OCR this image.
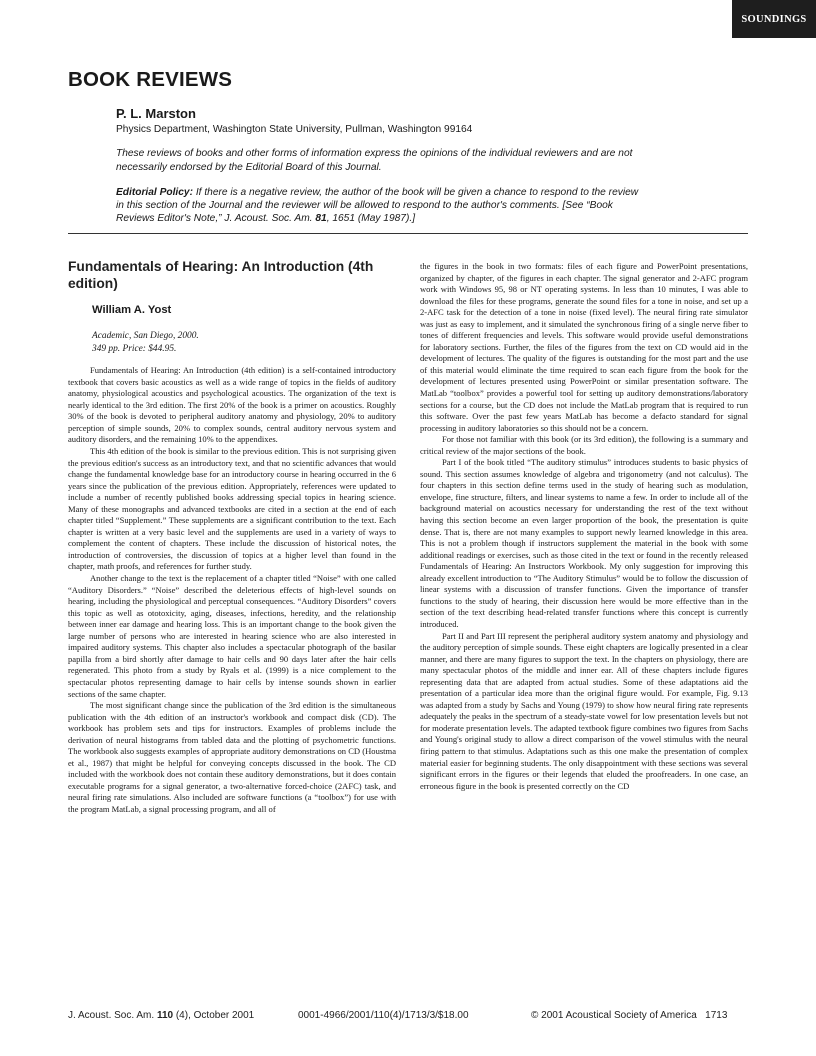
SOUNDINGS
BOOK REVIEWS
P. L. Marston
Physics Department, Washington State University, Pullman, Washington 99164
These reviews of books and other forms of information express the opinions of the individual reviewers and are not necessarily endorsed by the Editorial Board of this Journal.
Editorial Policy: If there is a negative review, the author of the book will be given a chance to respond to the review in this section of the Journal and the reviewer will be allowed to respond to the author's comments. [See “Book Reviews Editor's Note,” J. Acoust. Soc. Am. 81, 1651 (May 1987).]
Fundamentals of Hearing: An Introduction (4th edition)
William A. Yost
Academic, San Diego, 2000.
349 pp. Price: $44.95.

Fundamentals of Hearing: An Introduction (4th edition) is a self-contained introductory textbook that covers basic acoustics as well as a wide range of topics in the fields of auditory anatomy, physiological acoustics and psychological acoustics. The organization of the text is nearly identical to the 3rd edition. The first 20% of the book is a primer on acoustics. Roughly 30% of the book is devoted to peripheral auditory anatomy and physiology, 20% to auditory perception of simple sounds, 20% to complex sounds, central auditory nervous system and auditory disorders, and the remaining 10% to the appendixes.

This 4th edition of the book is similar to the previous edition. This is not surprising given the previous edition's success as an introductory text, and that no scientific advances that would change the fundamental knowledge base for an introductory course in hearing occurred in the 6 years since the publication of the previous edition. Appropriately, references were updated to include a number of recently published books addressing special topics in hearing science. Many of these monographs and advanced textbooks are cited in a section at the end of each chapter titled “Supplement.” These supplements are a significant contribution to the text. Each chapter is written at a very basic level and the supplements are used in a variety of ways to complement the content of chapters. These include the discussion of historical notes, the introduction of controversies, the discussion of topics at a higher level than found in the chapter, math proofs, and references for further study.

Another change to the text is the replacement of a chapter titled “Noise” with one called “Auditory Disorders.” “Noise” described the deleterious effects of high-level sounds on hearing, including the physiological and perceptual consequences. “Auditory Disorders” covers this topic as well as ototoxicity, aging, diseases, infections, heredity, and the relationship between inner ear damage and hearing loss. This is an important change to the book given the large number of persons who are interested in hearing science who are also interested in impaired auditory systems. This chapter also includes a spectacular photograph of the basilar papilla from a bird shortly after damage to hair cells and 90 days later after the hair cells regenerated. This photo from a study by Ryals et al. (1999) is a nice complement to the spectacular photos representing damage to hair cells by intense sounds shown in earlier sections of the same chapter.

The most significant change since the publication of the 3rd edition is the simultaneous publication with the 4th edition of an instructor's workbook and compact disk (CD). The workbook has problem sets and tips for instructors. Examples of problems include the derivation of neural histograms from tabled data and the plotting of psychometric functions. The workbook also suggests examples of appropriate auditory demonstrations on CD (Houstma et al., 1987) that might be helpful for conveying concepts discussed in the book. The CD included with the workbook does not contain these auditory demonstrations, but it does contain executable programs for a signal generator, a two-alternative forced-choice (2AFC) task, and neural firing rate simulations. Also included are software functions (a “toolbox”) for use with the program MatLab, a signal processing program, and all of

the figures in the book in two formats: files of each figure and PowerPoint presentations, organized by chapter, of the figures in each chapter. The signal generator and 2-AFC program work with Windows 95, 98 or NT operating systems. In less than 10 minutes, I was able to download the files for these programs, generate the sound files for a tone in noise, and set up a 2-AFC task for the detection of a tone in noise (fixed level). The neural firing rate simulator was just as easy to implement, and it simulated the synchronous firing of a single nerve fiber to tones of different frequencies and levels. This software would provide useful demonstrations for laboratory sections. Further, the files of the figures from the text on CD would aid in the development of lectures. The quality of the figures is outstanding for the most part and the use of this material would eliminate the time required to scan each figure from the book for the development of lectures presented using PowerPoint or similar presentation software. The MatLab “toolbox” provides a powerful tool for setting up auditory demonstrations/laboratory sections for a course, but the CD does not include the MatLab program that is required to run this software. Over the past few years MatLab has become a defacto standard for signal processing in auditory laboratories so this should not be a concern.

For those not familiar with this book (or its 3rd edition), the following is a summary and critical review of the major sections of the book.

Part I of the book titled “The auditory stimulus” introduces students to basic physics of sound. This section assumes knowledge of algebra and trigonometry (and not calculus). The four chapters in this section define terms used in the study of hearing such as modulation, envelope, fine structure, filters, and linear systems to name a few. In order to include all of the background material on acoustics necessary for understanding the rest of the text without having this section become an even larger proportion of the book, the presentation is quite dense. That is, there are not many examples to support newly learned knowledge in this area. This is not a problem though if instructors supplement the material in the book with some additional readings or exercises, such as those cited in the text or found in the recently released Fundamentals of Hearing: An Instructors Workbook. My only suggestion for improving this already excellent introduction to “The Auditory Stimulus” would be to follow the discussion of linear systems with a discussion of transfer functions. Given the importance of transfer functions to the study of hearing, their discussion here would be more effective than in the section of the text describing head-related transfer functions where this concept is currently introduced.

Part II and Part III represent the peripheral auditory system anatomy and physiology and the auditory perception of simple sounds. These eight chapters are logically presented in a clear manner, and there are many figures to support the text. In the chapters on physiology, there are many spectacular photos of the middle and inner ear. All of these chapters include figures representing data that are adapted from actual studies. Some of these adaptations aid the presentation of a particular idea more than the original figure would. For example, Fig. 9.13 was adapted from a study by Sachs and Young (1979) to show how neural firing rate represents adequately the peaks in the spectrum of a steady-state vowel for low presentation levels but not for moderate presentation levels. The adapted textbook figure combines two figures from Sachs and Young's original study to allow a direct comparison of the vowel stimulus with the neural firing pattern to that stimulus. Adaptations such as this one make the presentation of complex material easier for beginning students. The only disappointment with these sections was several significant errors in the figures or their legends that eluded the proofreaders. In one case, an erroneous figure in the book is presented correctly on the CD

J. Acoust. Soc. Am. 110 (4), October 2001	0001-4966/2001/110(4)/1713/3/$18.00	© 2001 Acoustical Society of America 1713
